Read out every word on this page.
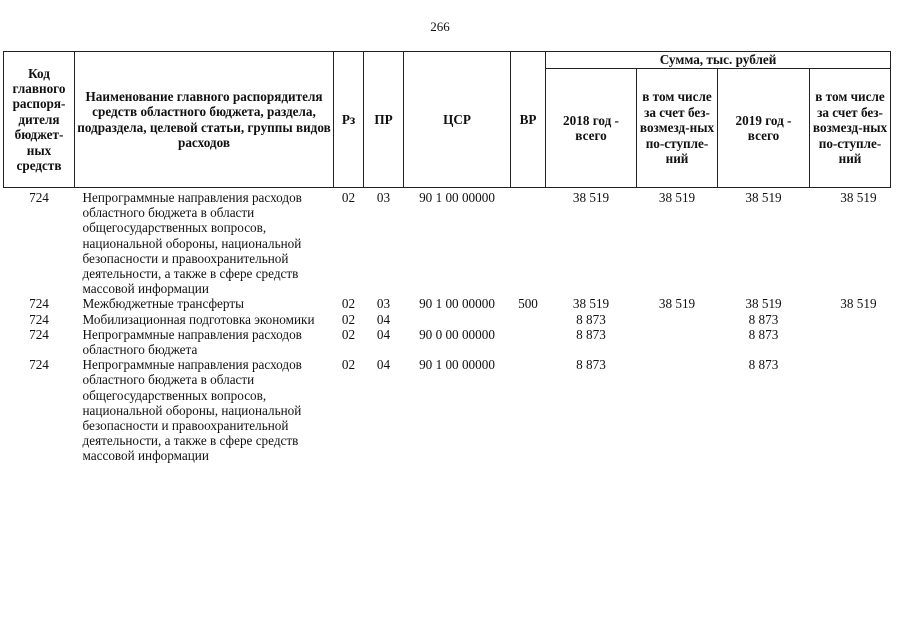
266
Код главного распоря-дителя бюджет-ных средств	Наименование главного распорядителя средств областного бюджета, раздела, подраздела, целевой статьи, группы видов расходов	Рз	ПР	ЦСР	ВР	Сумма, тыс. рублей			
						2018 год - всего	в том числе за счет без-возмезд-ных по-ступле-ний	2019 год - всего	в том числе за счет без-возмезд-ных по-ступле-ний
724	Непрограммные направления расходов областного бюджета в области общегосударственных вопросов, национальной обороны, национальной безопасности и правоохранительной деятельности, а также в сфере средств массовой информации	02	03	90 1 00 00000		38 519	38 519	38 519	38 519
724	Межбюджетные трансферты	02	03	90 1 00 00000	500	38 519	38 519	38 519	38 519
724	Мобилизационная подготовка экономики	02	04			8 873		8 873	
724	Непрограммные направления расходов областного бюджета	02	04	90 0 00 00000		8 873		8 873	
724	Непрограммные направления расходов областного бюджета в области общегосударственных вопросов, национальной обороны, национальной безопасности и правоохранительной деятельности, а также в сфере средств массовой информации	02	04	90 1 00 00000		8 873		8 873	
